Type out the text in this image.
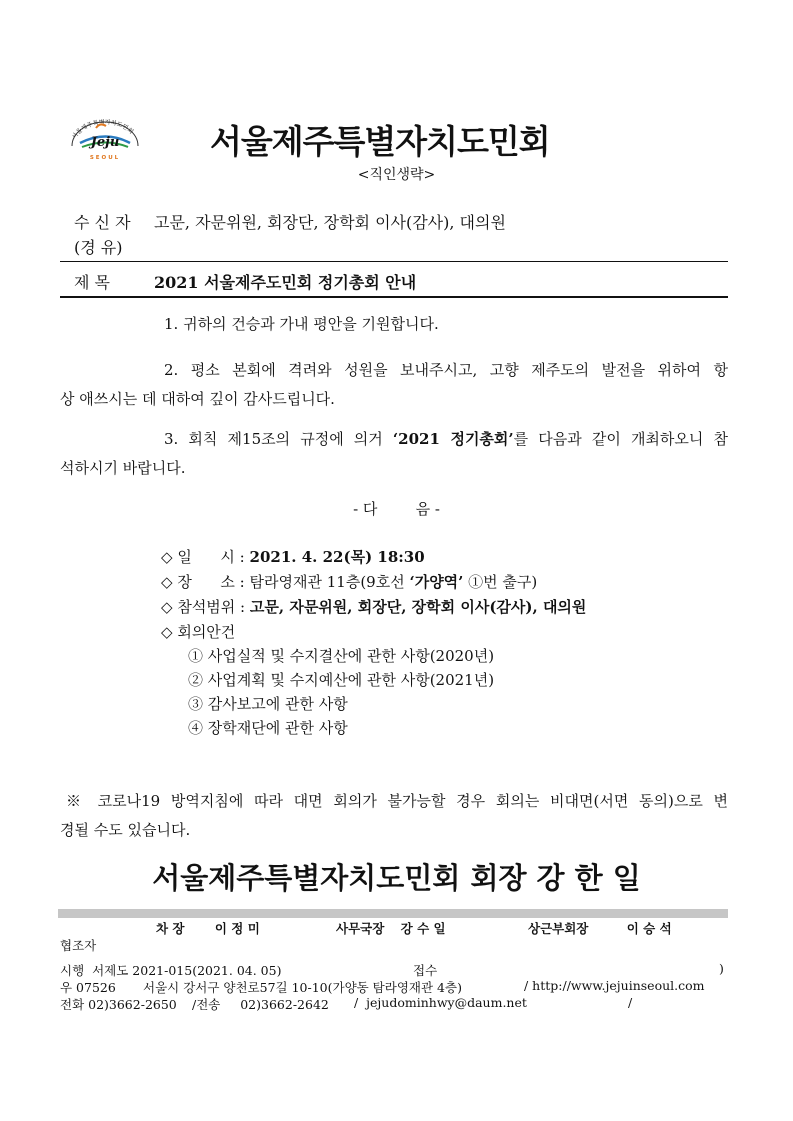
서울제주특별자치도민회
Jeju
SEOUL	서울제주특별자치도민회
<직인생략>
수 신 자 고문, 자문위원, 회장단, 장학회 이사(감사), 대의원
(경 유)
제 목	2021 서울제주도민회 정기총회 안내
1. 귀하의 건승과 가내 평안을 기원합니다.
2. 평소 본회에 격려와 성원을 보내주시고, 고향 제주도의 발전을 위하여 항
상 애쓰시는 데 대하여 깊이 감사드립니다.
3. 회칙 제15조의 규정에 의거 ‘2021 정기총회’를 다음과 같이 개최하오니 참
석하시기 바랍니다.
- 다        음 -
◇ 일      시 : 2021. 4. 22(목) 18:30
◇ 장      소 : 탐라영재관 11층(9호선 ‘가양역’ ①번 출구)
◇ 참석범위 : 고문, 자문위원, 회장단, 장학회 이사(감사), 대의원
◇ 회의안건
① 사업실적 및 수지결산에 관한 사항(2020년)
② 사업계획 및 수지예산에 관한 사항(2021년)
③ 감사보고에 관한 사항
④ 장학재단에 관한 사항
※ 코로나19 방역지침에 따라 대면 회의가 불가능할 경우 회의는 비대면(서면 동의)으로 변
경될 수도 있습니다.
서울제주특별자치도민회 회장 강 한 일
차 장 이 정 미	사무국장 강 수 일	상근부회장	이 승 석
협조자
시행  서제도 2021-015(2021. 04. 05)	접수	)
우 07526 서울시 강서구 양천로57길 10-10(가양동 탐라영재관 4층)	/ http://www.jejuinseoul.com
전화 02)3662-2650 /전송     02)3662-2642 /  jejudominhwy@daum.net	/
